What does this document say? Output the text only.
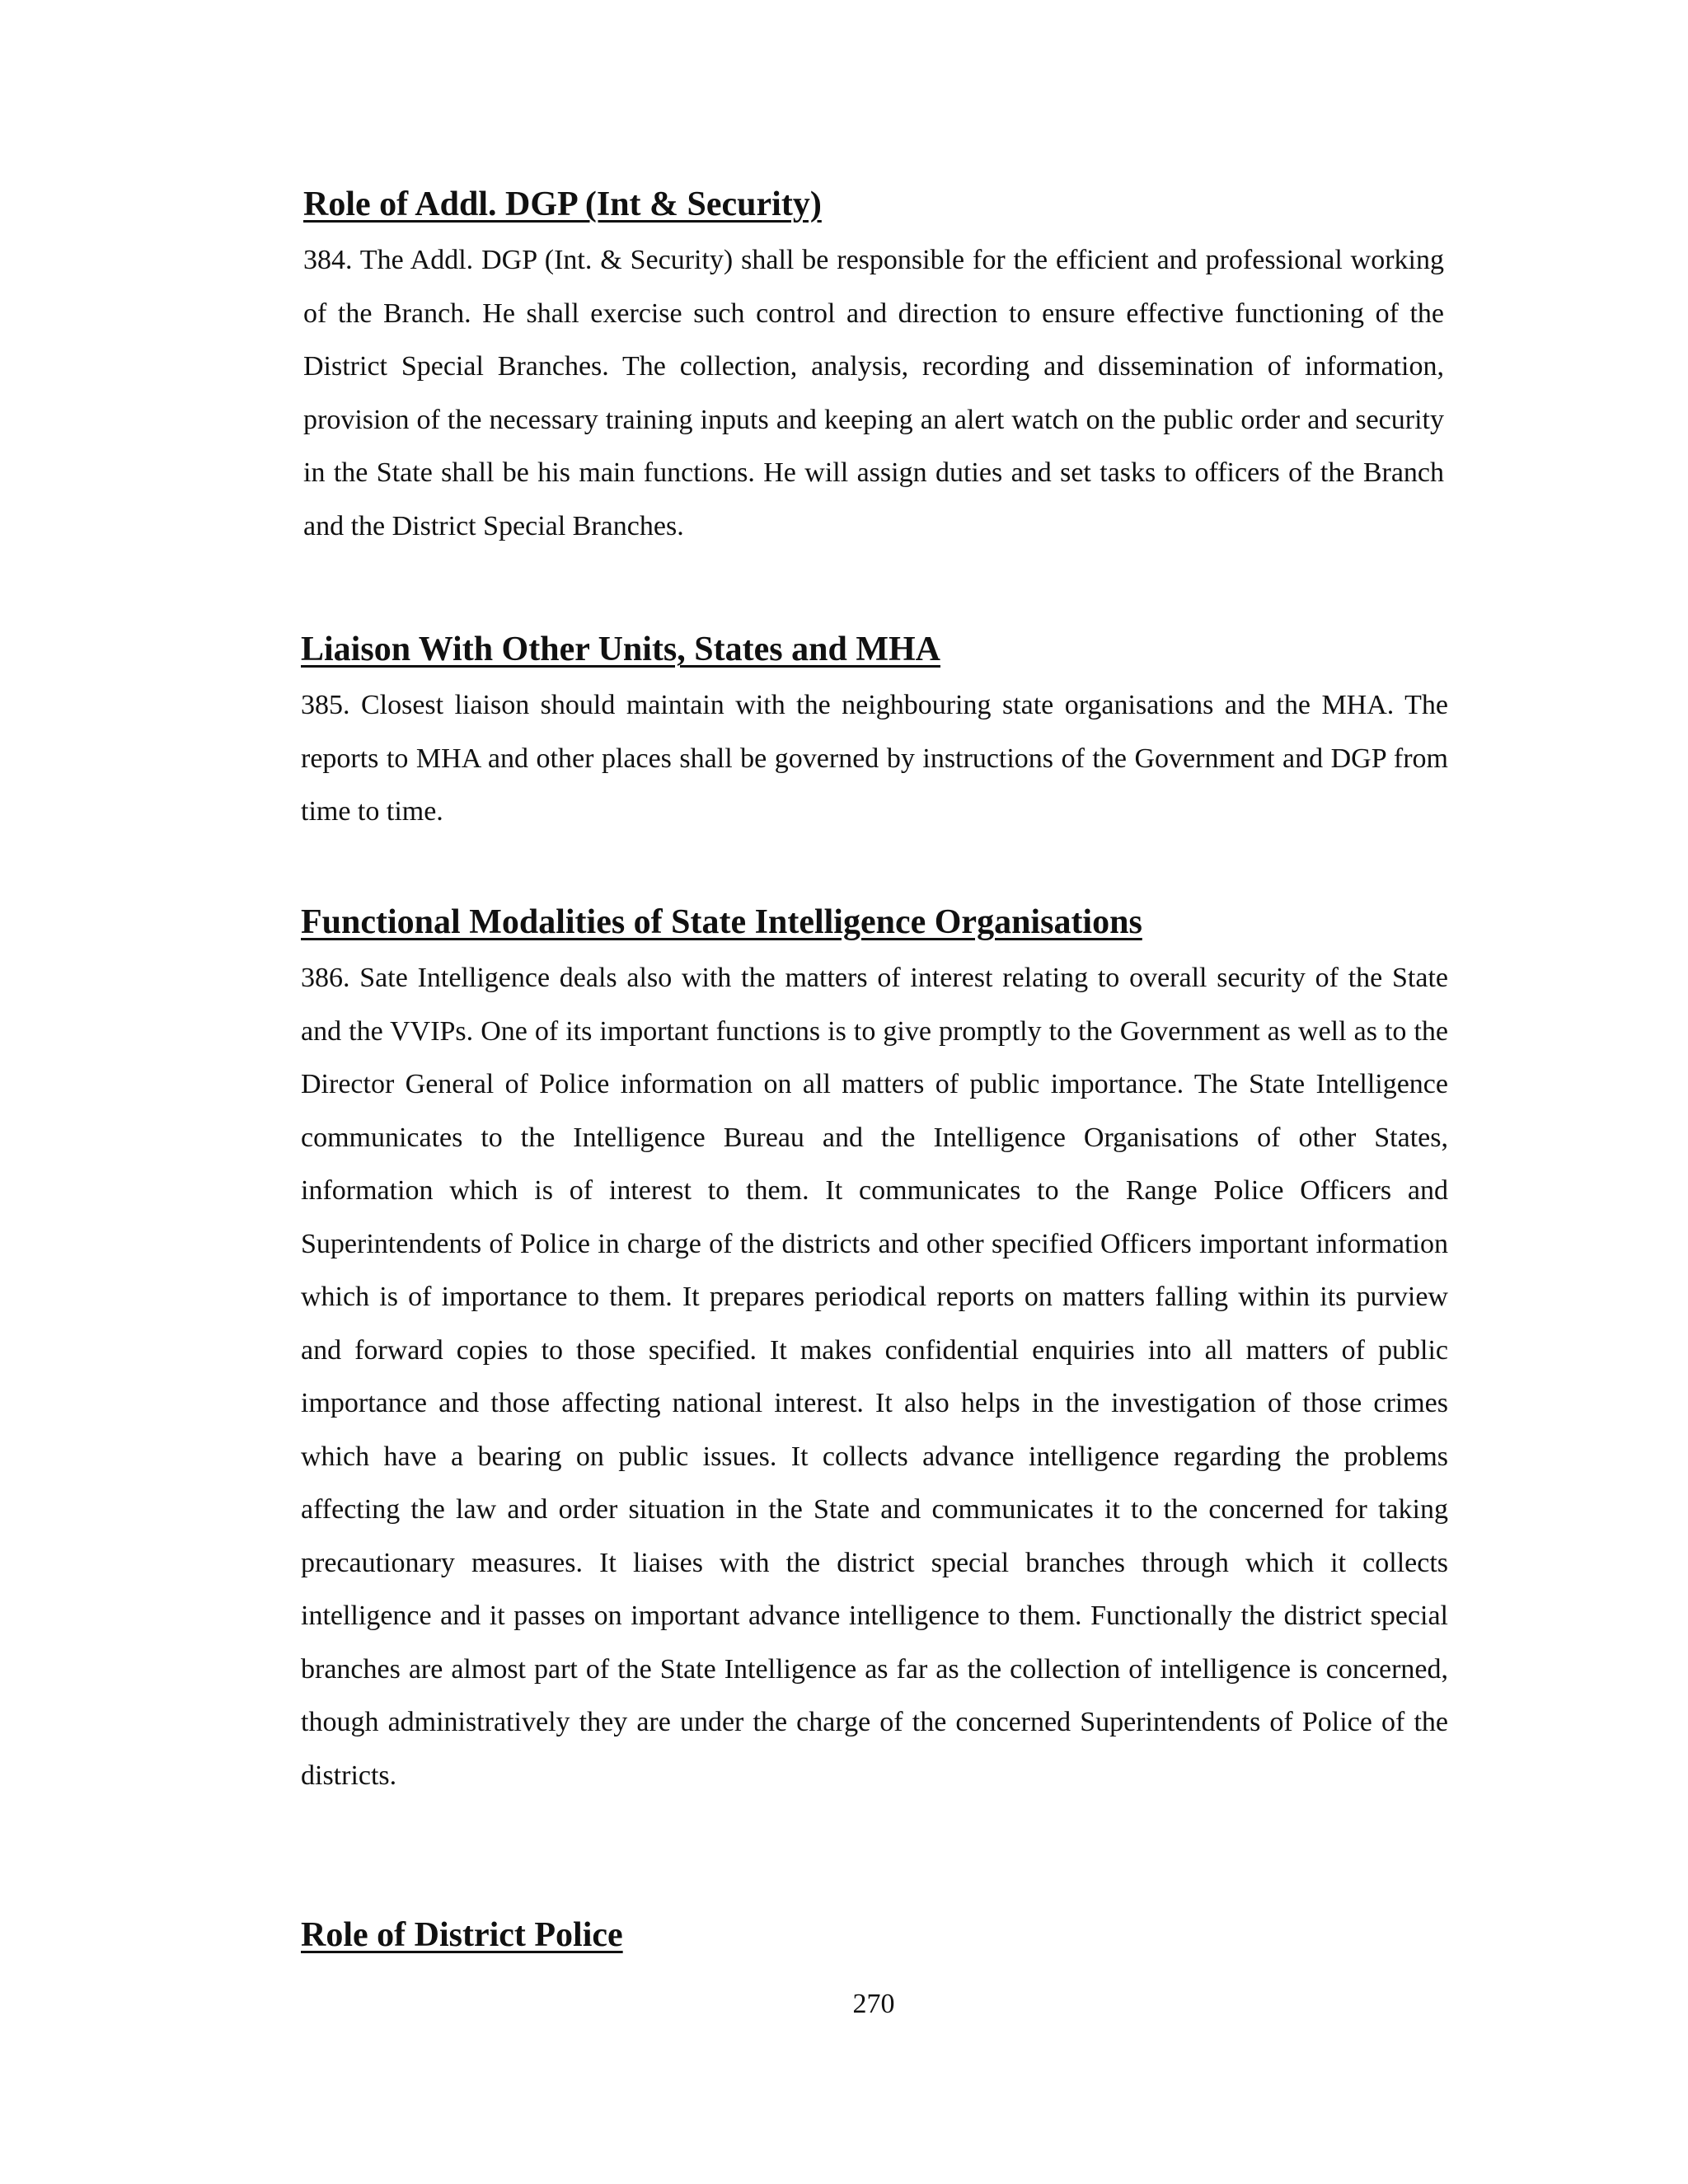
Role of Addl. DGP (Int & Security)

384. The Addl. DGP (Int. & Security) shall be responsible for the efficient and professional working of the Branch. He shall exercise such control and direction to ensure effective functioning of the District Special Branches. The collection, analysis, recording and dissemination of information, provision of the necessary training inputs and keeping an alert watch on the public order and security in the State shall be his main functions. He will assign duties and set tasks to officers of the Branch and the District Special Branches.

Liaison With Other Units, States and MHA

385. Closest liaison should maintain with the neighbouring state organisations and the MHA. The reports to MHA and other places shall be governed by instructions of the Government and DGP from time to time.

Functional Modalities of State Intelligence Organisations

386. Sate Intelligence deals also with the matters of interest relating to overall security of the State and the VVIPs. One of its important functions is to give promptly to the Government as well as to the Director General of Police information on all matters of public importance. The State Intelligence communicates to the Intelligence Bureau and the Intelligence Organisations of other States, information which is of interest to them. It communicates to the Range Police Officers and Superintendents of Police in charge of the districts and other specified Officers important information which is of importance to them. It prepares periodical reports on matters falling within its purview and forward copies to those specified. It makes confidential enquiries into all matters of public importance and those affecting national interest. It also helps in the investigation of those crimes which have a bearing on public issues. It collects advance intelligence regarding the problems affecting the law and order situation in the State and communicates it to the concerned for taking precautionary measures. It liaises with the district special branches through which it collects intelligence and it passes on important advance intelligence to them. Functionally the district special branches are almost part of the State Intelligence as far as the collection of intelligence is concerned, though administratively they are under the charge of the concerned Superintendents of Police of the districts.

Role of District Police
270
